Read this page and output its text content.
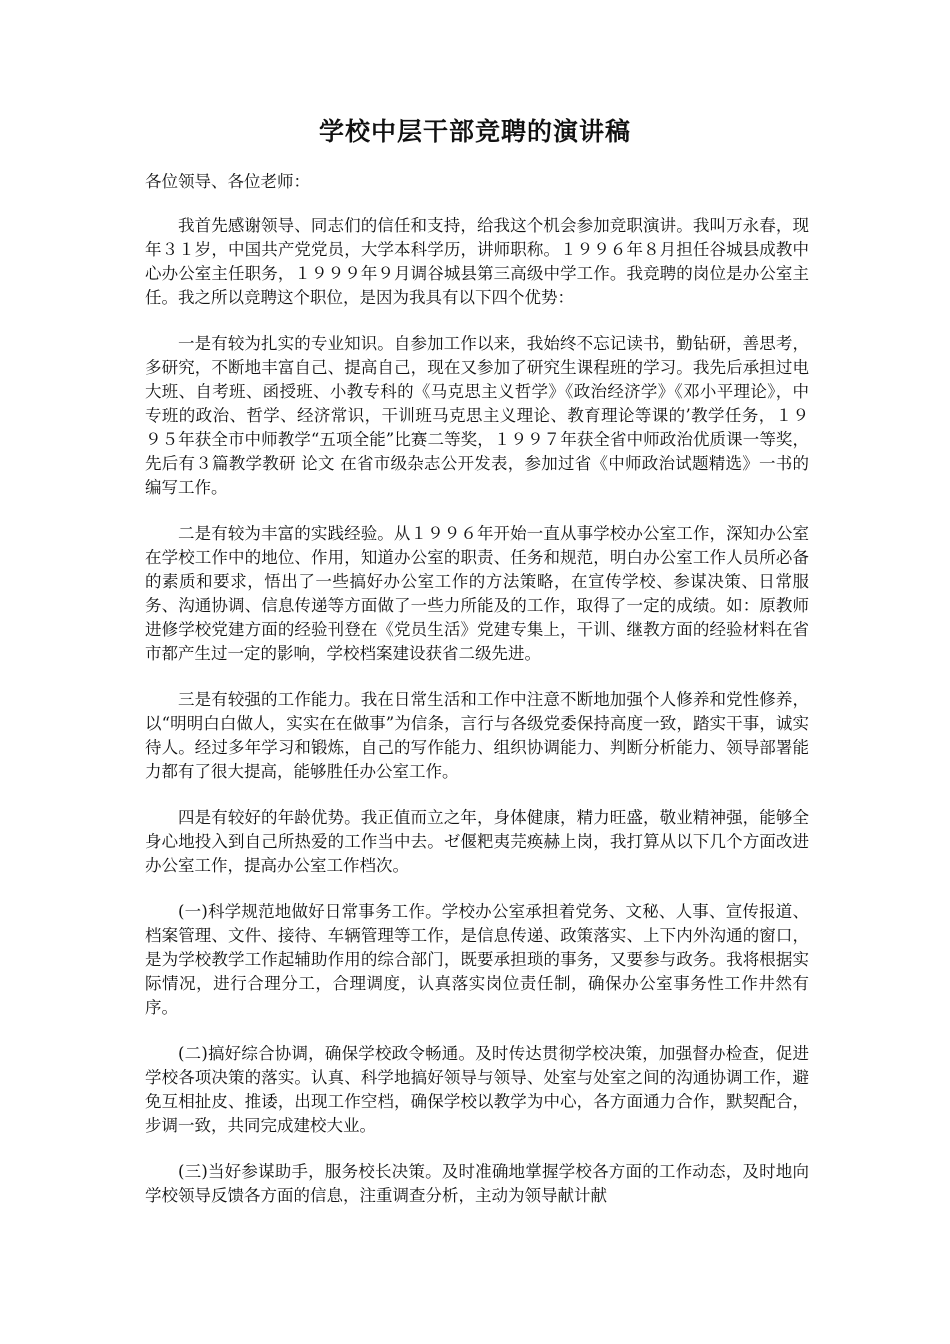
学校中层干部竞聘的演讲稿

各位领导、各位老师：

我首先感谢领导、同志们的信任和支持，给我这个机会参加竞职演讲。我叫万永春，现年３１岁，中国共产党党员，大学本科学历，讲师职称。１９９６年８月担任谷城县成教中心办公室主任职务，１９９９年９月调谷城县第三高级中学工作。我竞聘的岗位是办公室主任。我之所以竞聘这个职位，是因为我具有以下四个优势：

一是有较为扎实的专业知识。自参加工作以来，我始终不忘记读书，勤钻研，善思考，多研究，不断地丰富自己、提高自己，现在又参加了研究生课程班的学习。我先后承担过电大班、自考班、函授班、小教专科的《马克思主义哲学》《政治经济学》《邓小平理论》，中专班的政治、哲学、经济常识，干训班马克思主义理论、教育理论等课的’教学任务，１９９５年获全市中师教学“五项全能”比赛二等奖，１９９７年获全省中师政治优质课一等奖，先后有３篇教学教研 论文 在省市级杂志公开发表，参加过省《中师政治试题精选》一书的编写工作。

二是有较为丰富的实践经验。从１９９６年开始一直从事学校办公室工作，深知办公室在学校工作中的地位、作用，知道办公室的职责、任务和规范，明白办公室工作人员所必备的素质和要求，悟出了一些搞好办公室工作的方法策略，在宣传学校、参谋决策、日常服务、沟通协调、信息传递等方面做了一些力所能及的工作，取得了一定的成绩。如：原教师进修学校党建方面的经验刊登在《党员生活》党建专集上，干训、继教方面的经验材料在省市都产生过一定的影响，学校档案建设获省二级先进。

三是有较强的工作能力。我在日常生活和工作中注意不断地加强个人修养和党性修养，以“明明白白做人，实实在在做事”为信条，言行与各级党委保持高度一致，踏实干事，诚实待人。经过多年学习和锻炼，自己的写作能力、组织协调能力、判断分析能力、领导部署能力都有了很大提高，能够胜任办公室工作。

四是有较好的年龄优势。我正值而立之年，身体健康，精力旺盛，敬业精神强，能够全身心地投入到自己所热爱的工作当中去。ゼ偃粑夷芫痪赫上岗，我打算从以下几个方面改进办公室工作，提高办公室工作档次。

(一)科学规范地做好日常事务工作。学校办公室承担着党务、文秘、人事、宣传报道、档案管理、文件、接待、车辆管理等工作，是信息传递、政策落实、上下内外沟通的窗口，是为学校教学工作起辅助作用的综合部门，既要承担琐的事务，又要参与政务。我将根据实际情况，进行合理分工，合理调度，认真落实岗位责任制，确保办公室事务性工作井然有序。

(二)搞好综合协调，确保学校政令畅通。及时传达贯彻学校决策，加强督办检查，促进学校各项决策的落实。认真、科学地搞好领导与领导、处室与处室之间的沟通协调工作，避免互相扯皮、推诿，出现工作空档，确保学校以教学为中心，各方面通力合作，默契配合，步调一致，共同完成建校大业。

(三)当好参谋助手，服务校长决策。及时准确地掌握学校各方面的工作动态，及时地向学校领导反馈各方面的信息，注重调查分析，主动为领导献计献
